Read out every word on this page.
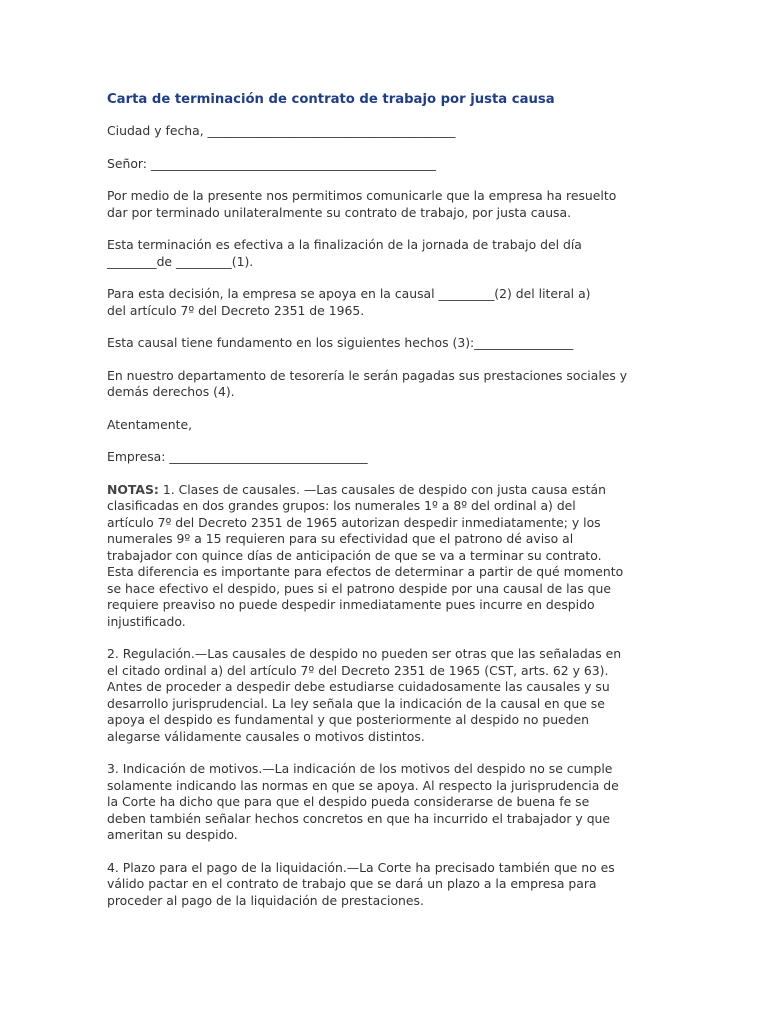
Carta de terminación de contrato de trabajo por justa causa
Ciudad y fecha, ________________________________________
Señor: ______________________________________________
Por medio de la presente nos permitimos comunicarle que la empresa ha resuelto
dar por terminado unilateralmente su contrato de trabajo, por justa causa.
Esta terminación es efectiva a la finalización de la jornada de trabajo del día
________de _________(1).
Para esta decisión, la empresa se apoya en la causal _________(2) del literal a)
del artículo 7º del Decreto 2351 de 1965.
Esta causal tiene fundamento en los siguientes hechos (3):________________
En nuestro departamento de tesorería le serán pagadas sus prestaciones sociales y
demás derechos (4).
Atentamente,
Empresa: ________________________________
NOTAS: 1. Clases de causales. —Las causales de despido con justa causa están
clasificadas en dos grandes grupos: los numerales 1º a 8º del ordinal a) del
artículo 7º del Decreto 2351 de 1965 autorizan despedir inmediatamente; y los
numerales 9º a 15 requieren para su efectividad que el patrono dé aviso al
trabajador con quince días de anticipación de que se va a terminar su contrato.
Esta diferencia es importante para efectos de determinar a partir de qué momento
se hace efectivo el despido, pues si el patrono despide por una causal de las que
requiere preaviso no puede despedir inmediatamente pues incurre en despido
injustificado.
2. Regulación.—Las causales de despido no pueden ser otras que las señaladas en
el citado ordinal a) del artículo 7º del Decreto 2351 de 1965 (CST, arts. 62 y 63).
Antes de proceder a despedir debe estudiarse cuidadosamente las causales y su
desarrollo jurisprudencial. La ley señala que la indicación de la causal en que se
apoya el despido es fundamental y que posteriormente al despido no pueden
alegarse válidamente causales o motivos distintos.
3. Indicación de motivos.—La indicación de los motivos del despido no se cumple
solamente indicando las normas en que se apoya. Al respecto la jurisprudencia de
la Corte ha dicho que para que el despido pueda considerarse de buena fe se
deben también señalar hechos concretos en que ha incurrido el trabajador y que
ameritan su despido.
4. Plazo para el pago de la liquidación.—La Corte ha precisado también que no es
válido pactar en el contrato de trabajo que se dará un plazo a la empresa para
proceder al pago de la liquidación de prestaciones.
